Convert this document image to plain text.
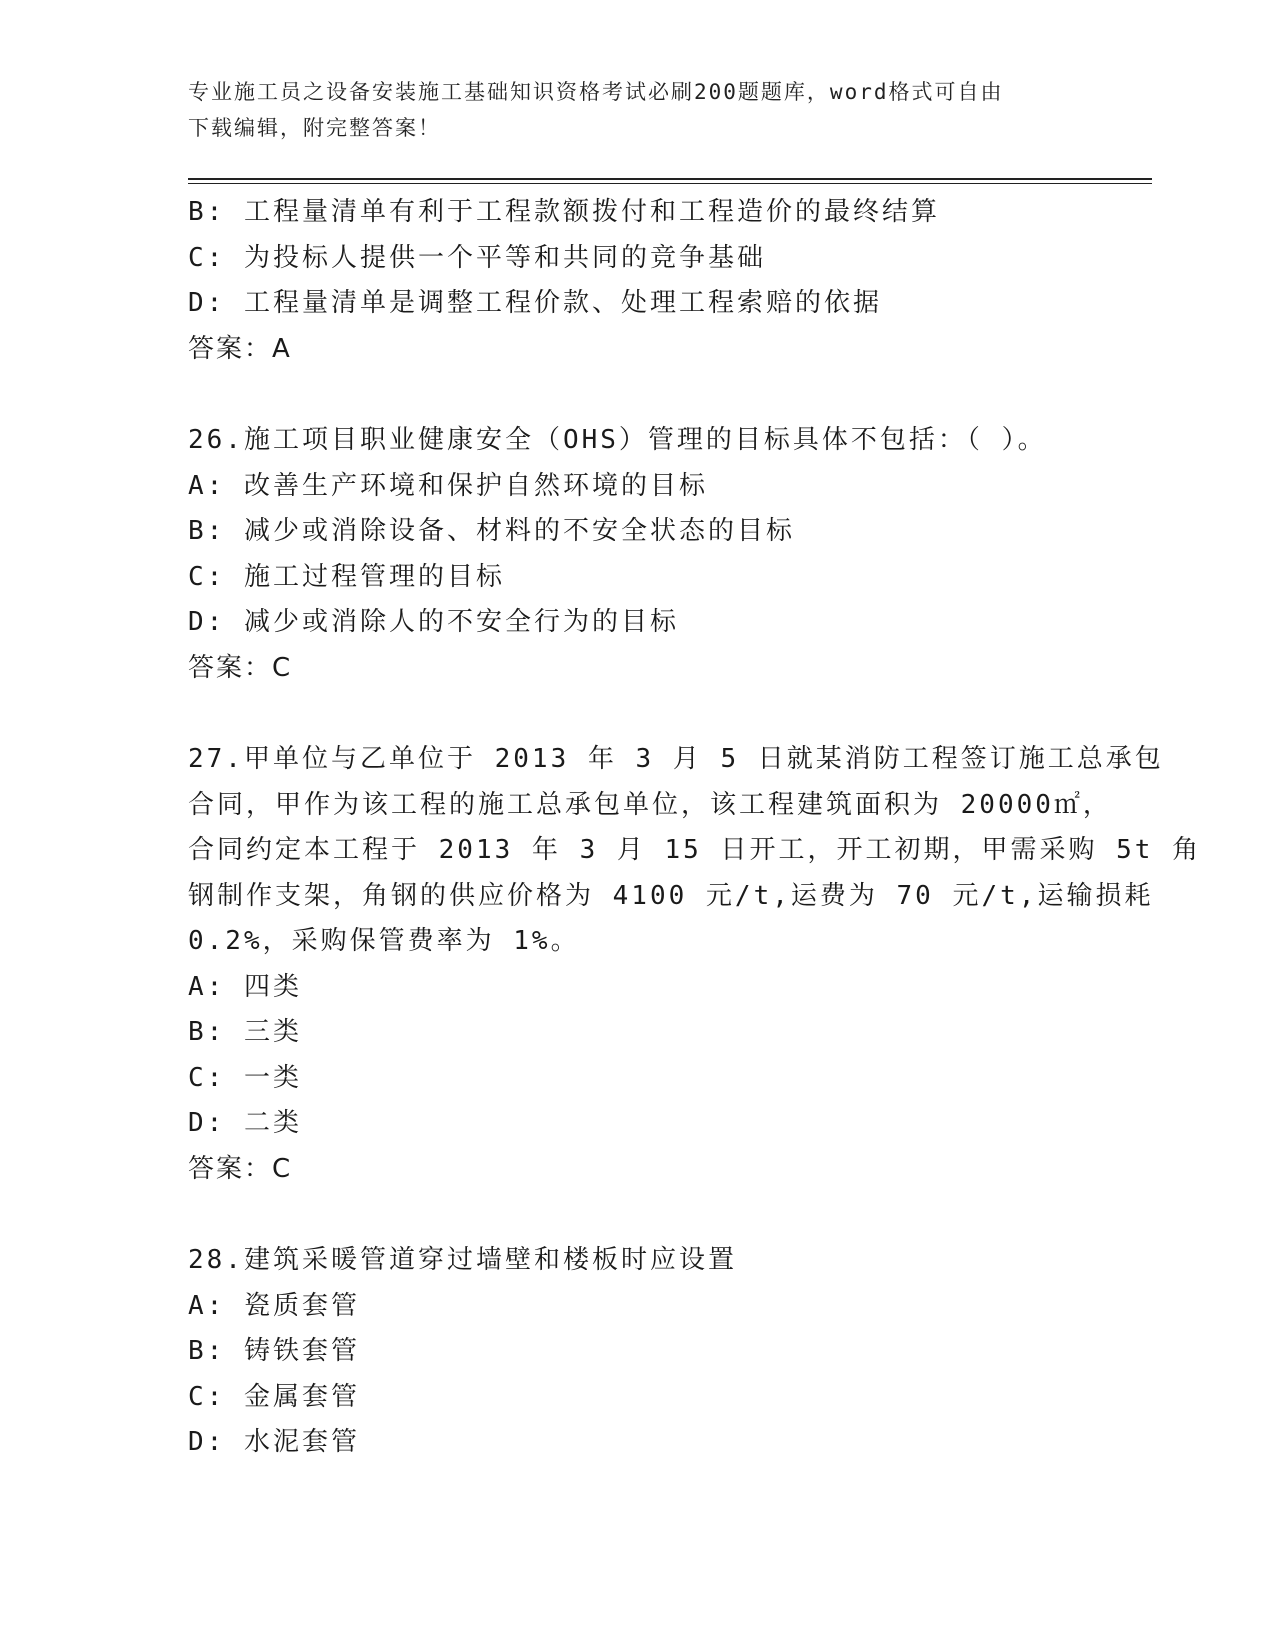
专业施工员之设备安装施工基础知识资格考试必刷200题题库，word格式可自由
下载编辑，附完整答案！
B: 工程量清单有利于工程款额拨付和工程造价的最终结算
C: 为投标人提供一个平等和共同的竞争基础
D: 工程量清单是调整工程价款、处理工程索赔的依据
答案：A
26.施工项目职业健康安全（OHS）管理的目标具体不包括：（ ）。
A: 改善生产环境和保护自然环境的目标
B: 减少或消除设备、材料的不安全状态的目标
C: 施工过程管理的目标
D: 减少或消除人的不安全行为的目标
答案：C
27.甲单位与乙单位于 2013 年 3 月 5 日就某消防工程签订施工总承包
合同，甲作为该工程的施工总承包单位，该工程建筑面积为 20000㎡，
合同约定本工程于 2013 年 3 月 15 日开工，开工初期，甲需采购 5t 角
钢制作支架，角钢的供应价格为 4100 元/t,运费为 70 元/t,运输损耗
0.2%，采购保管费率为 1%。
A: 四类
B: 三类
C: 一类
D: 二类
答案：C
28.建筑采暖管道穿过墙壁和楼板时应设置
A: 瓷质套管
B: 铸铁套管
C: 金属套管
D: 水泥套管
